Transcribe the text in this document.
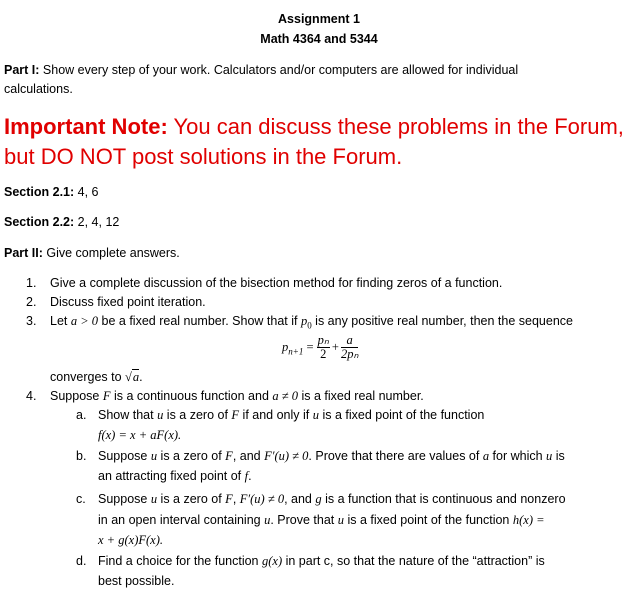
Assignment 1
Math 4364 and 5344
Part I: Show every step of your work. Calculators and/or computers are allowed for individual
calculations.
Important Note: You can discuss these problems in the Forum,
but DO NOT post solutions in the Forum.
Section 2.1: 4, 6
Section 2.2: 2, 4, 12
Part II: Give complete answers.
1. Give a complete discussion of the bisection method for finding zeros of a function.
2. Discuss fixed point iteration.
3. Let a > 0 be a fixed real number. Show that if $p_0$ is any positive real number, then the sequence
$p_{n+1} = \frac{\text{pₙ}}{2} + \frac{a}{\text{2pₙ}}$
converges to √a.
4. Suppose F is a continuous function and a ≠ 0 is a fixed real number.
a. Show that u is a zero of F if and only if u is a fixed point of the function
f(x) = x + aF(x).
b. Suppose u is a zero of F, and F′(u) ≠ 0. Prove that there are values of a for which u is
an attracting fixed point of f.
c. Suppose u is a zero of F, F′(u) ≠ 0, and g is a function that is continuous and nonzero
in an open interval containing u. Prove that u is a fixed point of the function h(x) =
x + g(x)F(x).
d. Find a choice for the function g(x) in part c, so that the nature of the “attraction” is
best possible.
